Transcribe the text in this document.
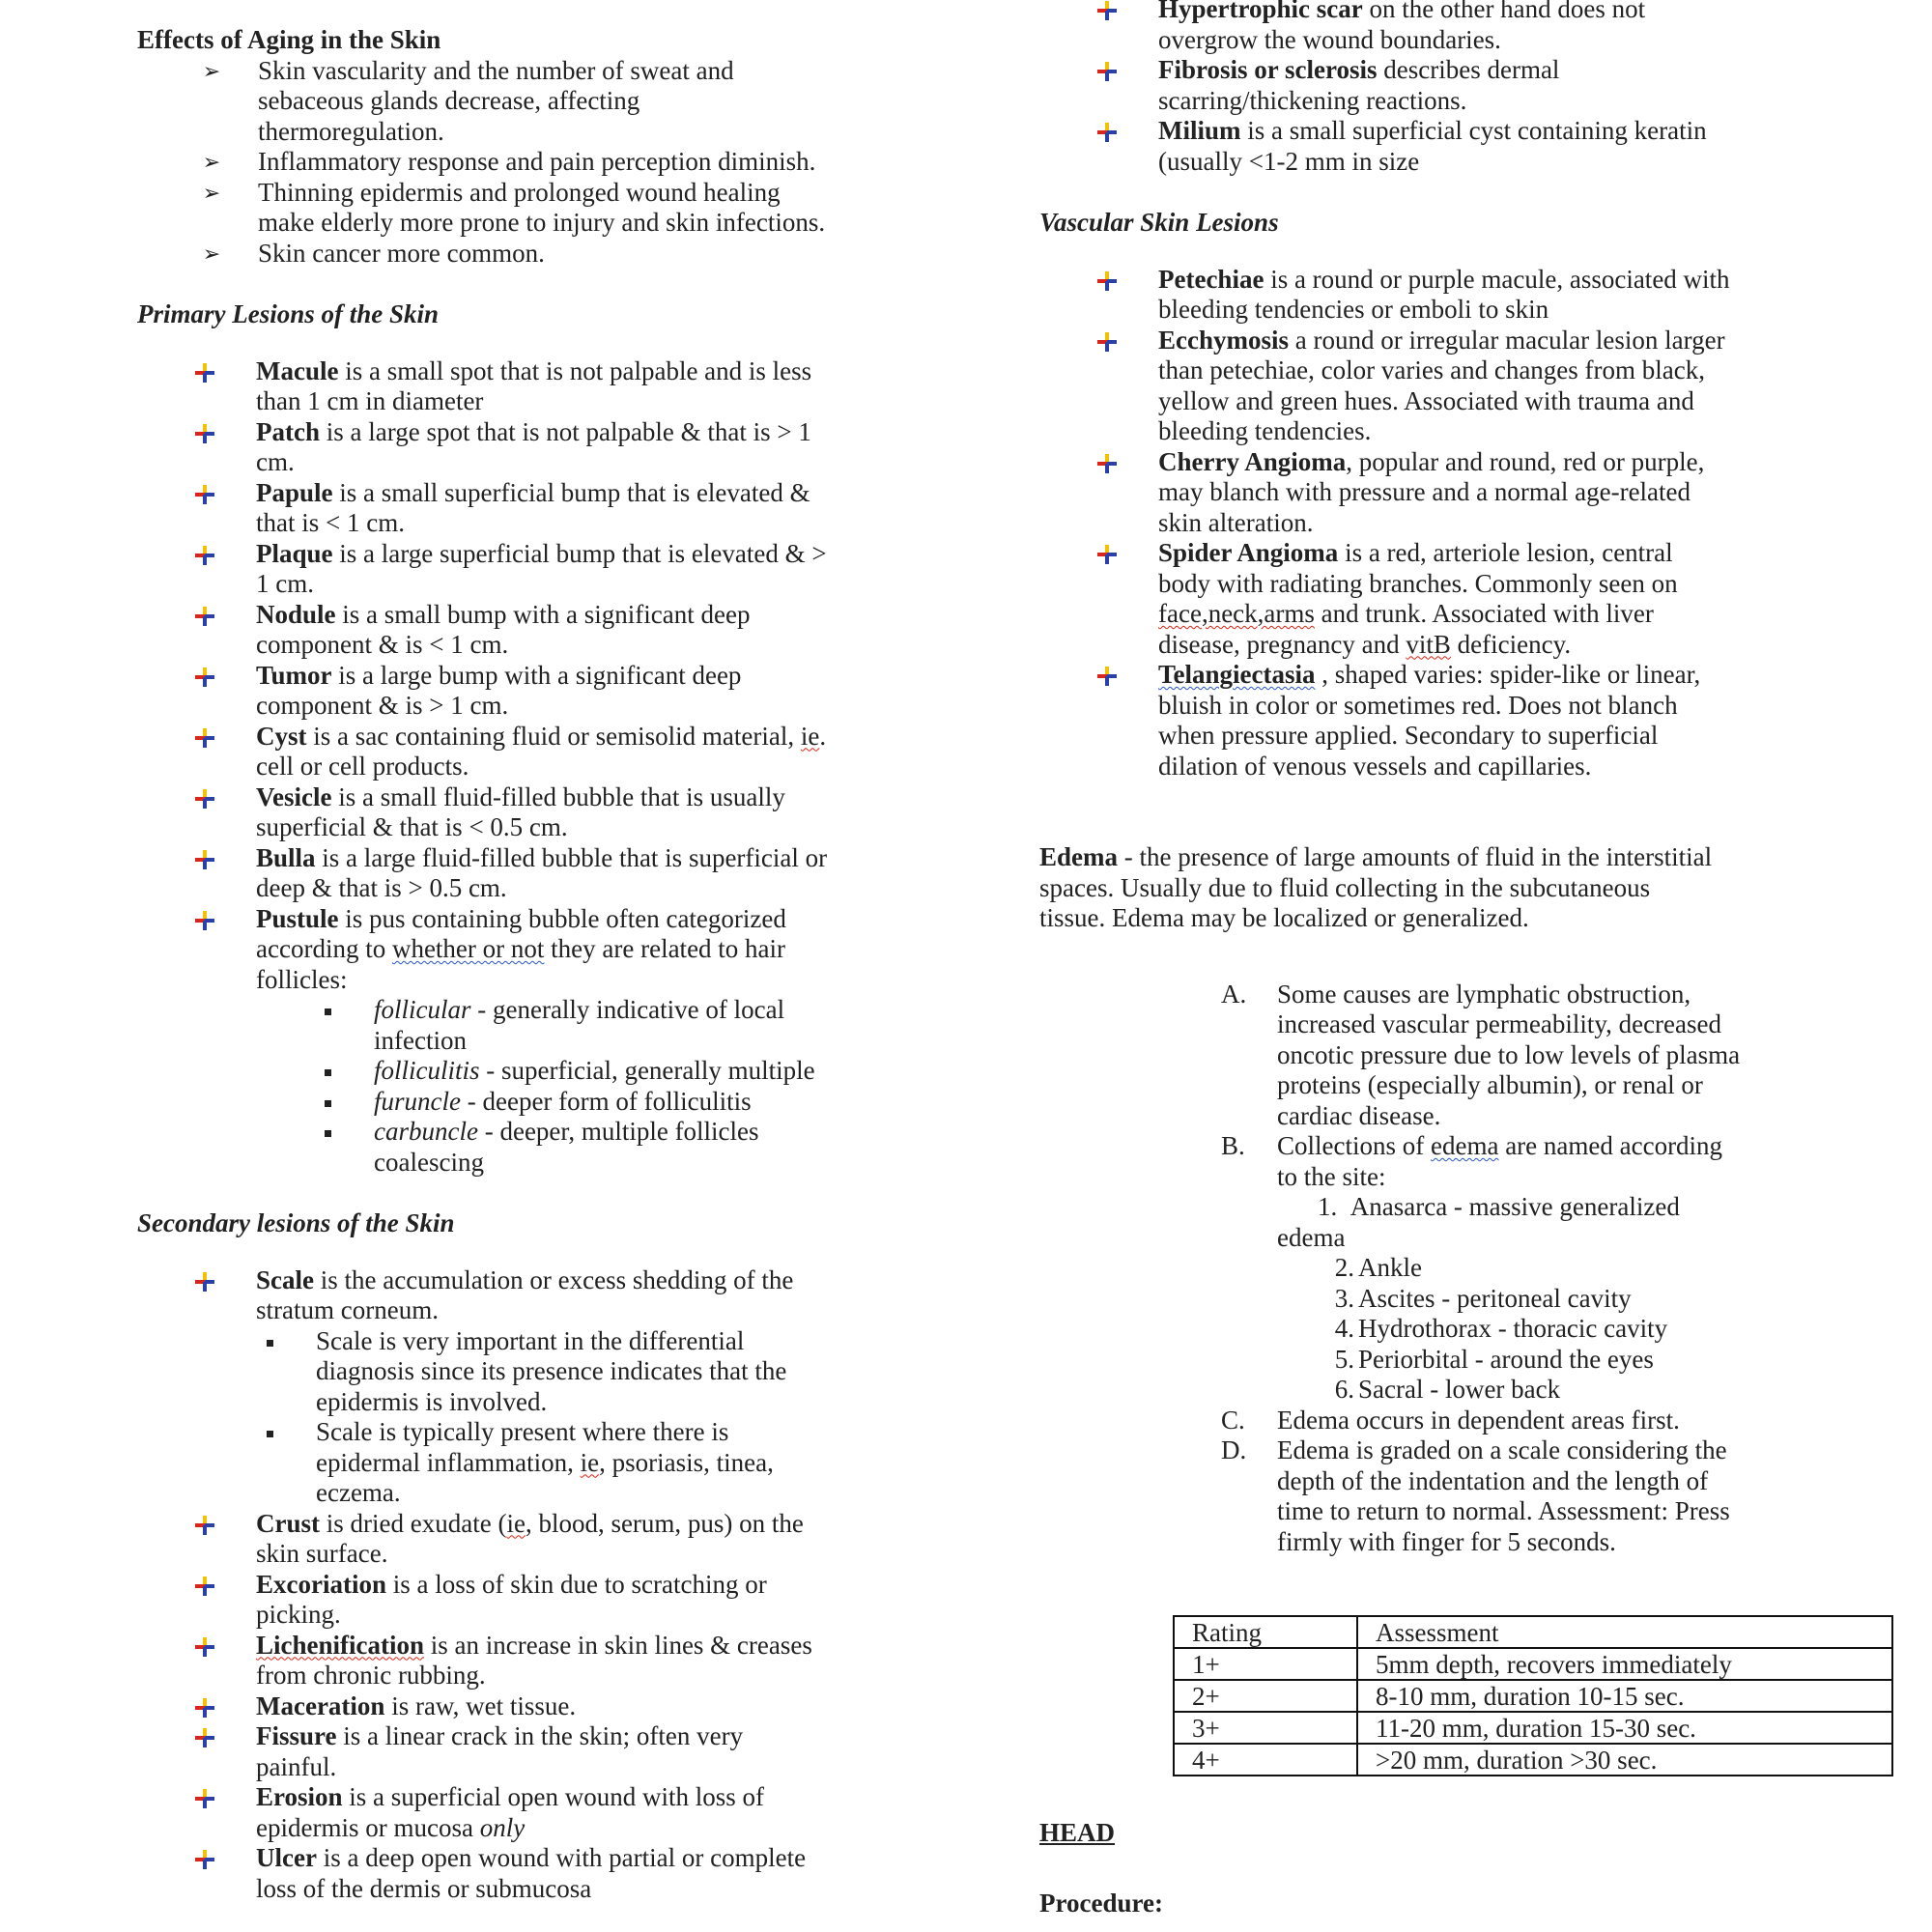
Effects of Aging in the Skin

➢ Skin vascularity and the number of sweat and
sebaceous glands decrease, affecting
thermoregulation.
➢ Inflammatory response and pain perception diminish.
➢ Thinning epidermis and prolonged wound healing
make elderly more prone to injury and skin infections.
➢ Skin cancer more common.

Primary Lesions of the Skin

Macule is a small spot that is not palpable and is less
than 1 cm in diameter
Patch is a large spot that is not palpable & that is > 1
cm.
Papule is a small superficial bump that is elevated &
that is < 1 cm.
Plaque is a large superficial bump that is elevated & >
1 cm.
Nodule is a small bump with a significant deep
component & is < 1 cm.
Tumor is a large bump with a significant deep
component & is > 1 cm.
Cyst is a sac containing fluid or semisolid material, ie.
cell or cell products.
Vesicle is a small fluid-filled bubble that is usually
superficial & that is < 0.5 cm.
Bulla is a large fluid-filled bubble that is superficial or
deep & that is > 0.5 cm.
Pustule is pus containing bubble often categorized
according to whether or not they are related to hair
follicles:
follicular - generally indicative of local
infection
folliculitis - superficial, generally multiple
furuncle - deeper form of folliculitis
carbuncle - deeper, multiple follicles
coalescing

Secondary lesions of the Skin

Scale is the accumulation or excess shedding of the
stratum corneum.
Scale is very important in the differential
diagnosis since its presence indicates that the
epidermis is involved.
Scale is typically present where there is
epidermal inflammation, ie, psoriasis, tinea,
eczema.
Crust is dried exudate (ie, blood, serum, pus) on the
skin surface.
Excoriation is a loss of skin due to scratching or
picking.
Lichenification is an increase in skin lines & creases
from chronic rubbing.
Maceration is raw, wet tissue.
Fissure is a linear crack in the skin; often very
painful.
Erosion is a superficial open wound with loss of
epidermis or mucosa only
Ulcer is a deep open wound with partial or complete
loss of the dermis or submucosa
Hypertrophic scar on the other hand does not
overgrow the wound boundaries.
Fibrosis or sclerosis describes dermal
scarring/thickening reactions.
Milium is a small superficial cyst containing keratin
(usually <1-2 mm in size

Vascular Skin Lesions

Petechiae is a round or purple macule, associated with
bleeding tendencies or emboli to skin
Ecchymosis a round or irregular macular lesion larger
than petechiae, color varies and changes from black,
yellow and green hues. Associated with trauma and
bleeding tendencies.
Cherry Angioma, popular and round, red or purple,
may blanch with pressure and a normal age-related
skin alteration.
Spider Angioma is a red, arteriole lesion, central
body with radiating branches. Commonly seen on
face,neck,arms and trunk. Associated with liver
disease, pregnancy and vitB deficiency.
Telangiectasia , shaped varies: spider-like or linear,
bluish in color or sometimes red. Does not blanch
when pressure applied. Secondary to superficial
dilation of venous vessels and capillaries.
Edema - the presence of large amounts of fluid in the interstitial
spaces. Usually due to fluid collecting in the subcutaneous
tissue. Edema may be localized or generalized.
A.	Some causes are lymphatic obstruction,
increased vascular permeability, decreased
oncotic pressure due to low levels of plasma
proteins (especially albumin), or renal or
cardiac disease.
B.	Collections of edema are named according
to the site:
1. Anasarca - massive generalized
edema
2. Ankle
3. Ascites - peritoneal cavity
4. Hydrothorax - thoracic cavity
5. Periorbital - around the eyes
6. Sacral - lower back
C.	Edema occurs in dependent areas first.
D.	Edema is graded on a scale considering the
depth of the indentation and the length of
time to return to normal. Assessment: Press
firmly with finger for 5 seconds.
Rating	Assessment
1+	5mm depth, recovers immediately
2+	8-10 mm, duration 10-15 sec.
3+	11-20 mm, duration 15-30 sec.
4+	>20 mm, duration >30 sec.
HEAD
Procedure:
